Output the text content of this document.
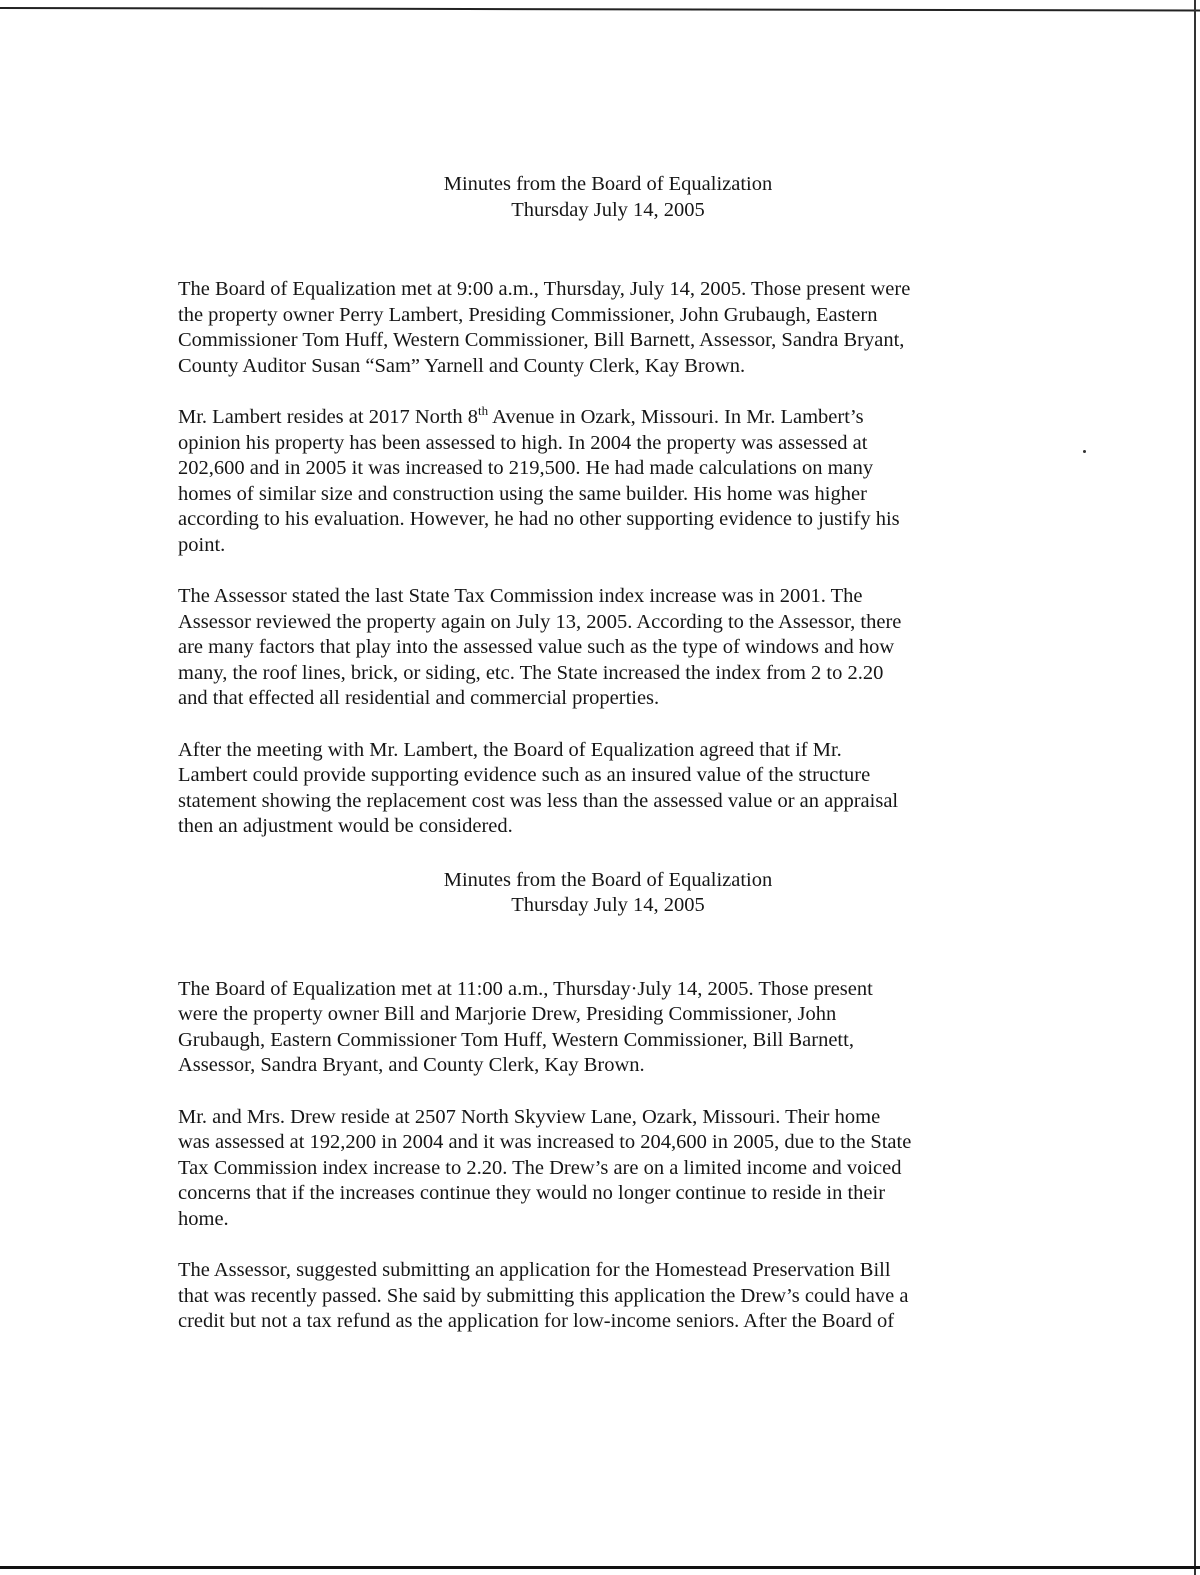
Minutes from the Board of Equalization
Thursday July 14, 2005
The Board of Equalization met at 9:00 a.m., Thursday, July 14, 2005. Those present were
the property owner Perry Lambert, Presiding Commissioner, John Grubaugh, Eastern
Commissioner Tom Huff, Western Commissioner, Bill Barnett, Assessor, Sandra Bryant,
County Auditor Susan “Sam” Yarnell and County Clerk, Kay Brown.
Mr. Lambert resides at 2017 North 8th Avenue in Ozark, Missouri. In Mr. Lambert’s
opinion his property has been assessed to high. In 2004 the property was assessed at
202,600 and in 2005 it was increased to 219,500. He had made calculations on many
homes of similar size and construction using the same builder. His home was higher
according to his evaluation. However, he had no other supporting evidence to justify his
point.
The Assessor stated the last State Tax Commission index increase was in 2001. The
Assessor reviewed the property again on July 13, 2005. According to the Assessor, there
are many factors that play into the assessed value such as the type of windows and how
many, the roof lines, brick, or siding, etc. The State increased the index from 2 to 2.20
and that effected all residential and commercial properties.
After the meeting with Mr. Lambert, the Board of Equalization agreed that if Mr.
Lambert could provide supporting evidence such as an insured value of the structure
statement showing the replacement cost was less than the assessed value or an appraisal
then an adjustment would be considered.
Minutes from the Board of Equalization
Thursday July 14, 2005
The Board of Equalization met at 11:00 a.m., Thursday·July 14, 2005. Those present
were the property owner Bill and Marjorie Drew, Presiding Commissioner, John
Grubaugh, Eastern Commissioner Tom Huff, Western Commissioner, Bill Barnett,
Assessor, Sandra Bryant, and County Clerk, Kay Brown.
Mr. and Mrs. Drew reside at 2507 North Skyview Lane, Ozark, Missouri. Their home
was assessed at 192,200 in 2004 and it was increased to 204,600 in 2005, due to the State
Tax Commission index increase to 2.20. The Drew’s are on a limited income and voiced
concerns that if the increases continue they would no longer continue to reside in their
home.
The Assessor, suggested submitting an application for the Homestead Preservation Bill
that was recently passed. She said by submitting this application the Drew’s could have a
credit but not a tax refund as the application for low-income seniors. After the Board of
